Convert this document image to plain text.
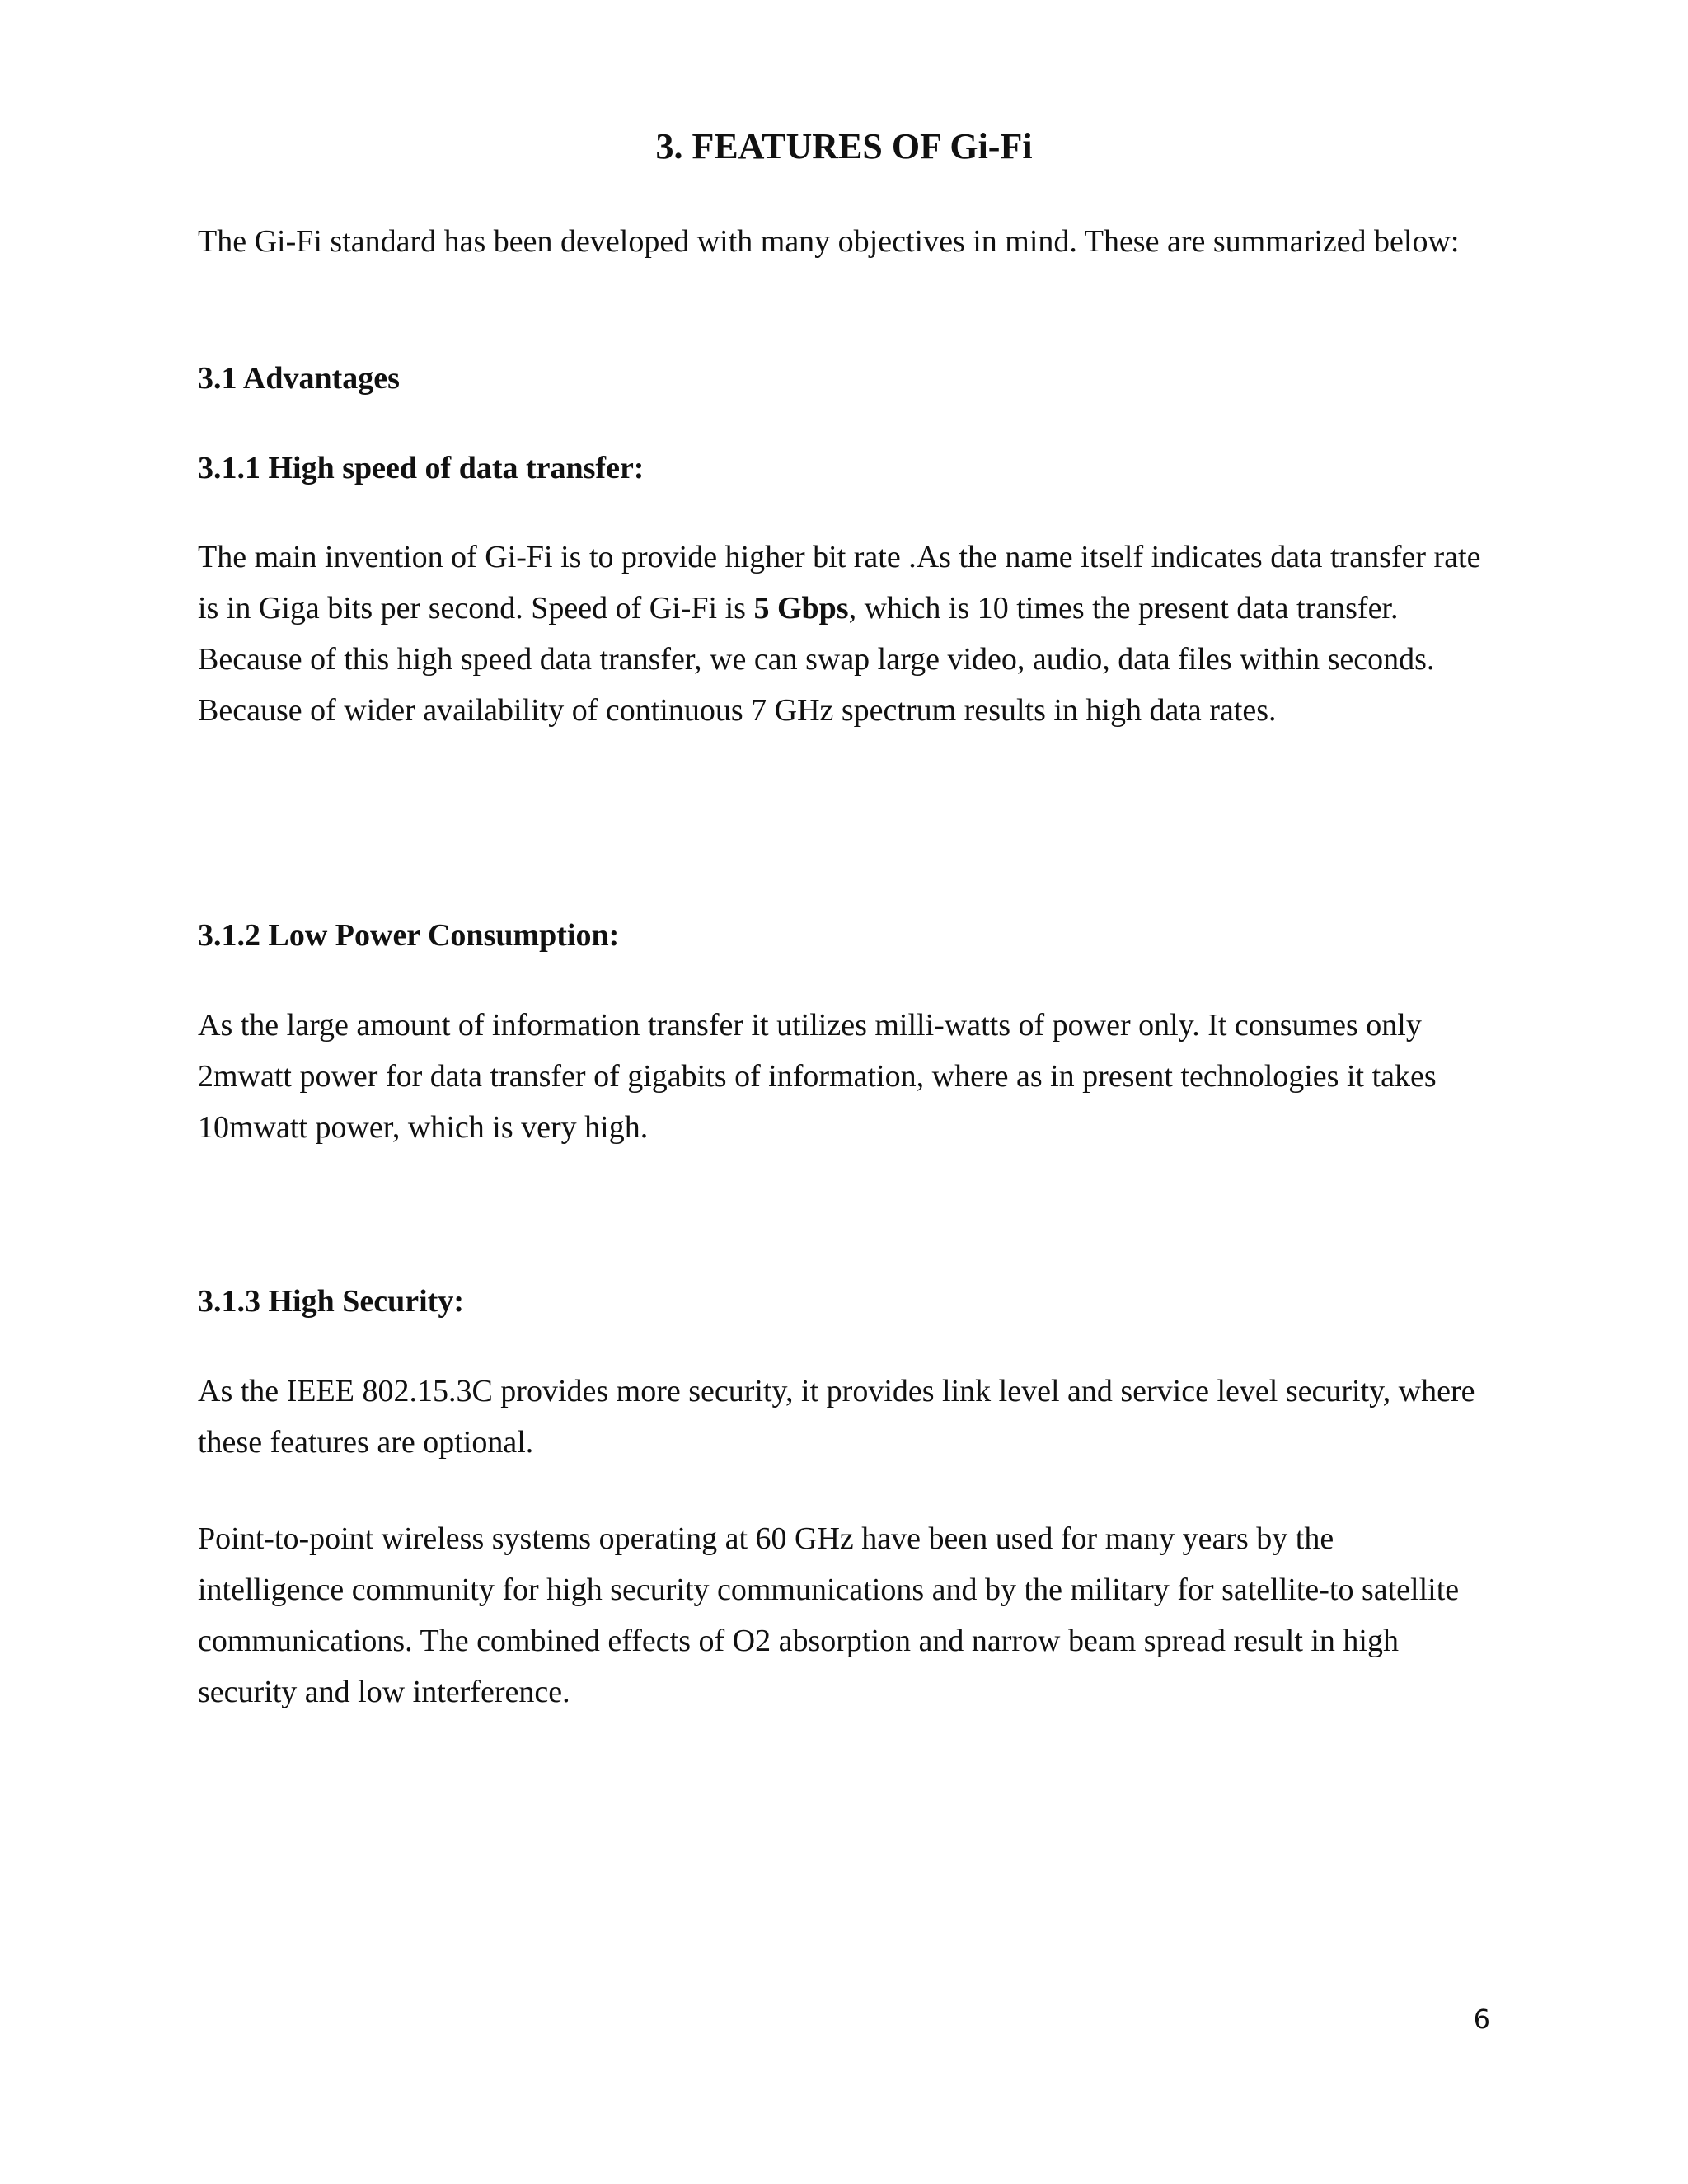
3. FEATURES OF Gi-Fi

The Gi-Fi standard has been developed with many objectives in mind. These are summarized below:

3.1 Advantages

3.1.1 High speed of data transfer:

The main invention of Gi-Fi is to provide higher bit rate .As the name itself indicates data transfer rate is in Giga bits per second. Speed of Gi-Fi is 5 Gbps, which is 10 times the present data transfer. Because of this high speed data transfer, we can swap large video, audio, data files within seconds. Because of wider availability of continuous 7 GHz spectrum results in high data rates.

3.1.2 Low Power Consumption:

As the large amount of information transfer it utilizes milli-watts of power only. It consumes only 2mwatt power for data transfer of gigabits of information, where as in present technologies it takes 10mwatt power, which is very high.

3.1.3 High Security:

As the IEEE 802.15.3C provides more security, it provides link level and service level security, where these features are optional.

Point-to-point wireless systems operating at 60 GHz have been used for many years by the intelligence community for high security communications and by the military for satellite-to satellite communications. The combined effects of O2 absorption and narrow beam spread result in high security and low interference.

6
